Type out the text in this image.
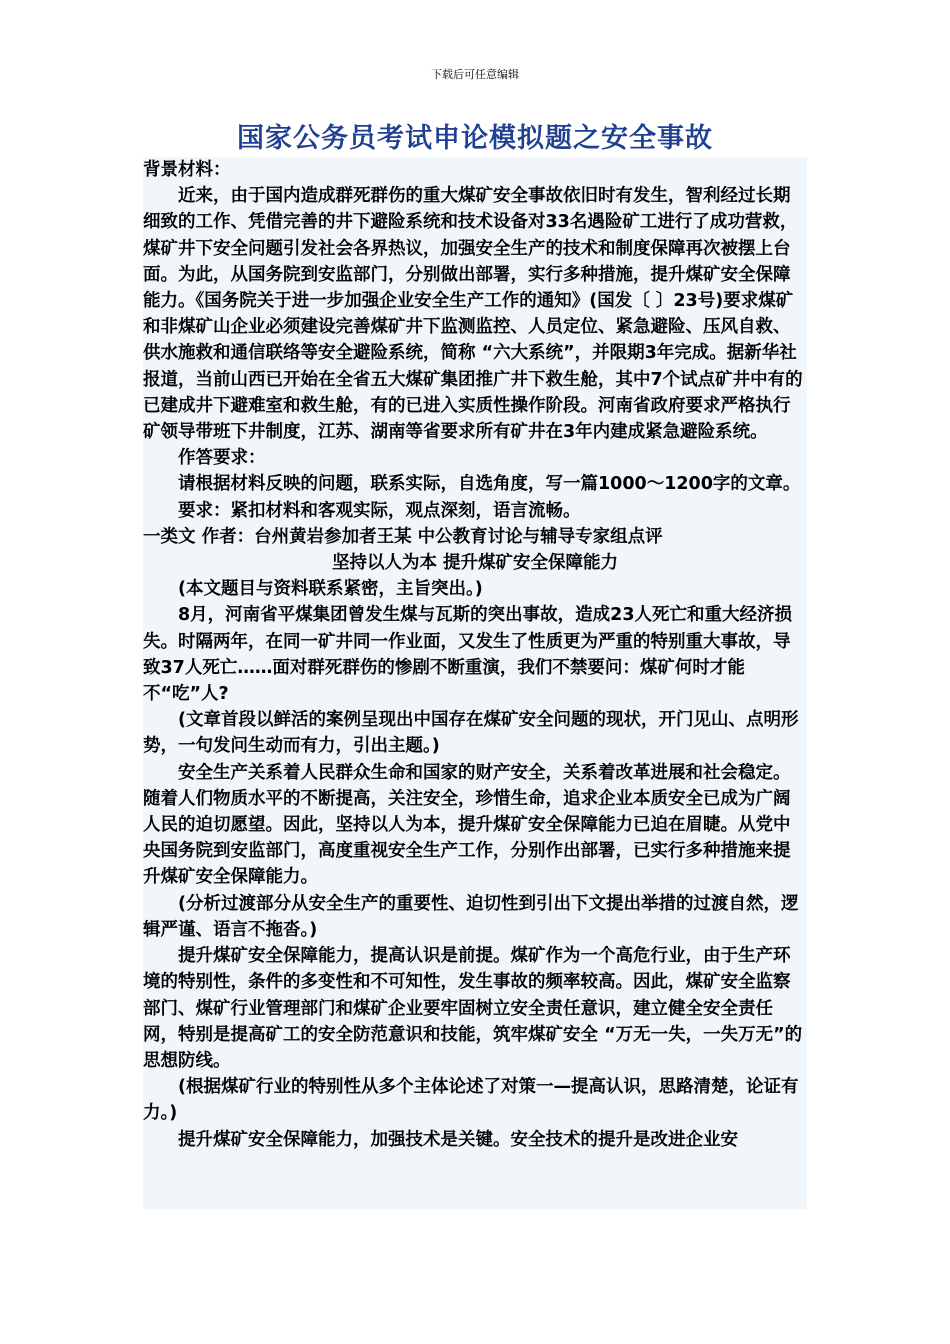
下载后可任意编辑
国家公务员考试申论模拟题之安全事故

背景材料：

近来，由于国内造成群死群伤的重大煤矿安全事故依旧时有发生，智利经过长期细致的工作、凭借完善的井下避险系统和技术设备对33名遇险矿工进行了成功营救，煤矿井下安全问题引发社会各界热议，加强安全生产的技术和制度保障再次被摆上台面。为此，从国务院到安监部门，分别做出部署，实行多种措施，提升煤矿安全保障能力。《国务院关于进一步加强企业安全生产工作的通知》(国发〔 〕23号)要求煤矿和非煤矿山企业必须建设完善煤矿井下监测监控、人员定位、紧急避险、压风自救、供水施救和通信联络等安全避险系统，简称 “六大系统”，并限期3年完成。据新华社报道，当前山西已开始在全省五大煤矿集团推广井下救生舱，其中7个试点矿井中有的已建成井下避难室和救生舱，有的已进入实质性操作阶段。河南省政府要求严格执行矿领导带班下井制度，江苏、湖南等省要求所有矿井在3年内建成紧急避险系统。

作答要求：

请根据材料反映的问题，联系实际，自选角度，写一篇1000～1200字的文章。

要求：紧扣材料和客观实际，观点深刻，语言流畅。

一类文 作者：台州黄岩参加者王某 中公教育讨论与辅导专家组点评

坚持以人为本 提升煤矿安全保障能力

(本文题目与资料联系紧密，主旨突出。)

8月，河南省平煤集团曾发生煤与瓦斯的突出事故，造成23人死亡和重大经济损失。时隔两年，在同一矿井同一作业面，又发生了性质更为严重的特别重大事故，导致37人死亡……面对群死群伤的惨剧不断重演，我们不禁要问：煤矿何时才能不“吃”人?

(文章首段以鲜活的案例呈现出中国存在煤矿安全问题的现状，开门见山、点明形势，一句发问生动而有力，引出主题。)

安全生产关系着人民群众生命和国家的财产安全，关系着改革进展和社会稳定。随着人们物质水平的不断提高，关注安全，珍惜生命，追求企业本质安全已成为广阔人民的迫切愿望。因此，坚持以人为本，提升煤矿安全保障能力已迫在眉睫。从党中央国务院到安监部门，高度重视安全生产工作，分别作出部署，已实行多种措施来提升煤矿安全保障能力。

(分析过渡部分从安全生产的重要性、迫切性到引出下文提出举措的过渡自然，逻辑严谨、语言不拖沓。)

提升煤矿安全保障能力，提高认识是前提。煤矿作为一个高危行业，由于生产环境的特别性，条件的多变性和不可知性，发生事故的频率较高。因此，煤矿安全监察部门、煤矿行业管理部门和煤矿企业要牢固树立安全责任意识，建立健全安全责任网，特别是提高矿工的安全防范意识和技能，筑牢煤矿安全 “万无一失，一失万无”的思想防线。

(根据煤矿行业的特别性从多个主体论述了对策一—提高认识，思路清楚，论证有力。)

提升煤矿安全保障能力，加强技术是关键。安全技术的提升是改进企业安
